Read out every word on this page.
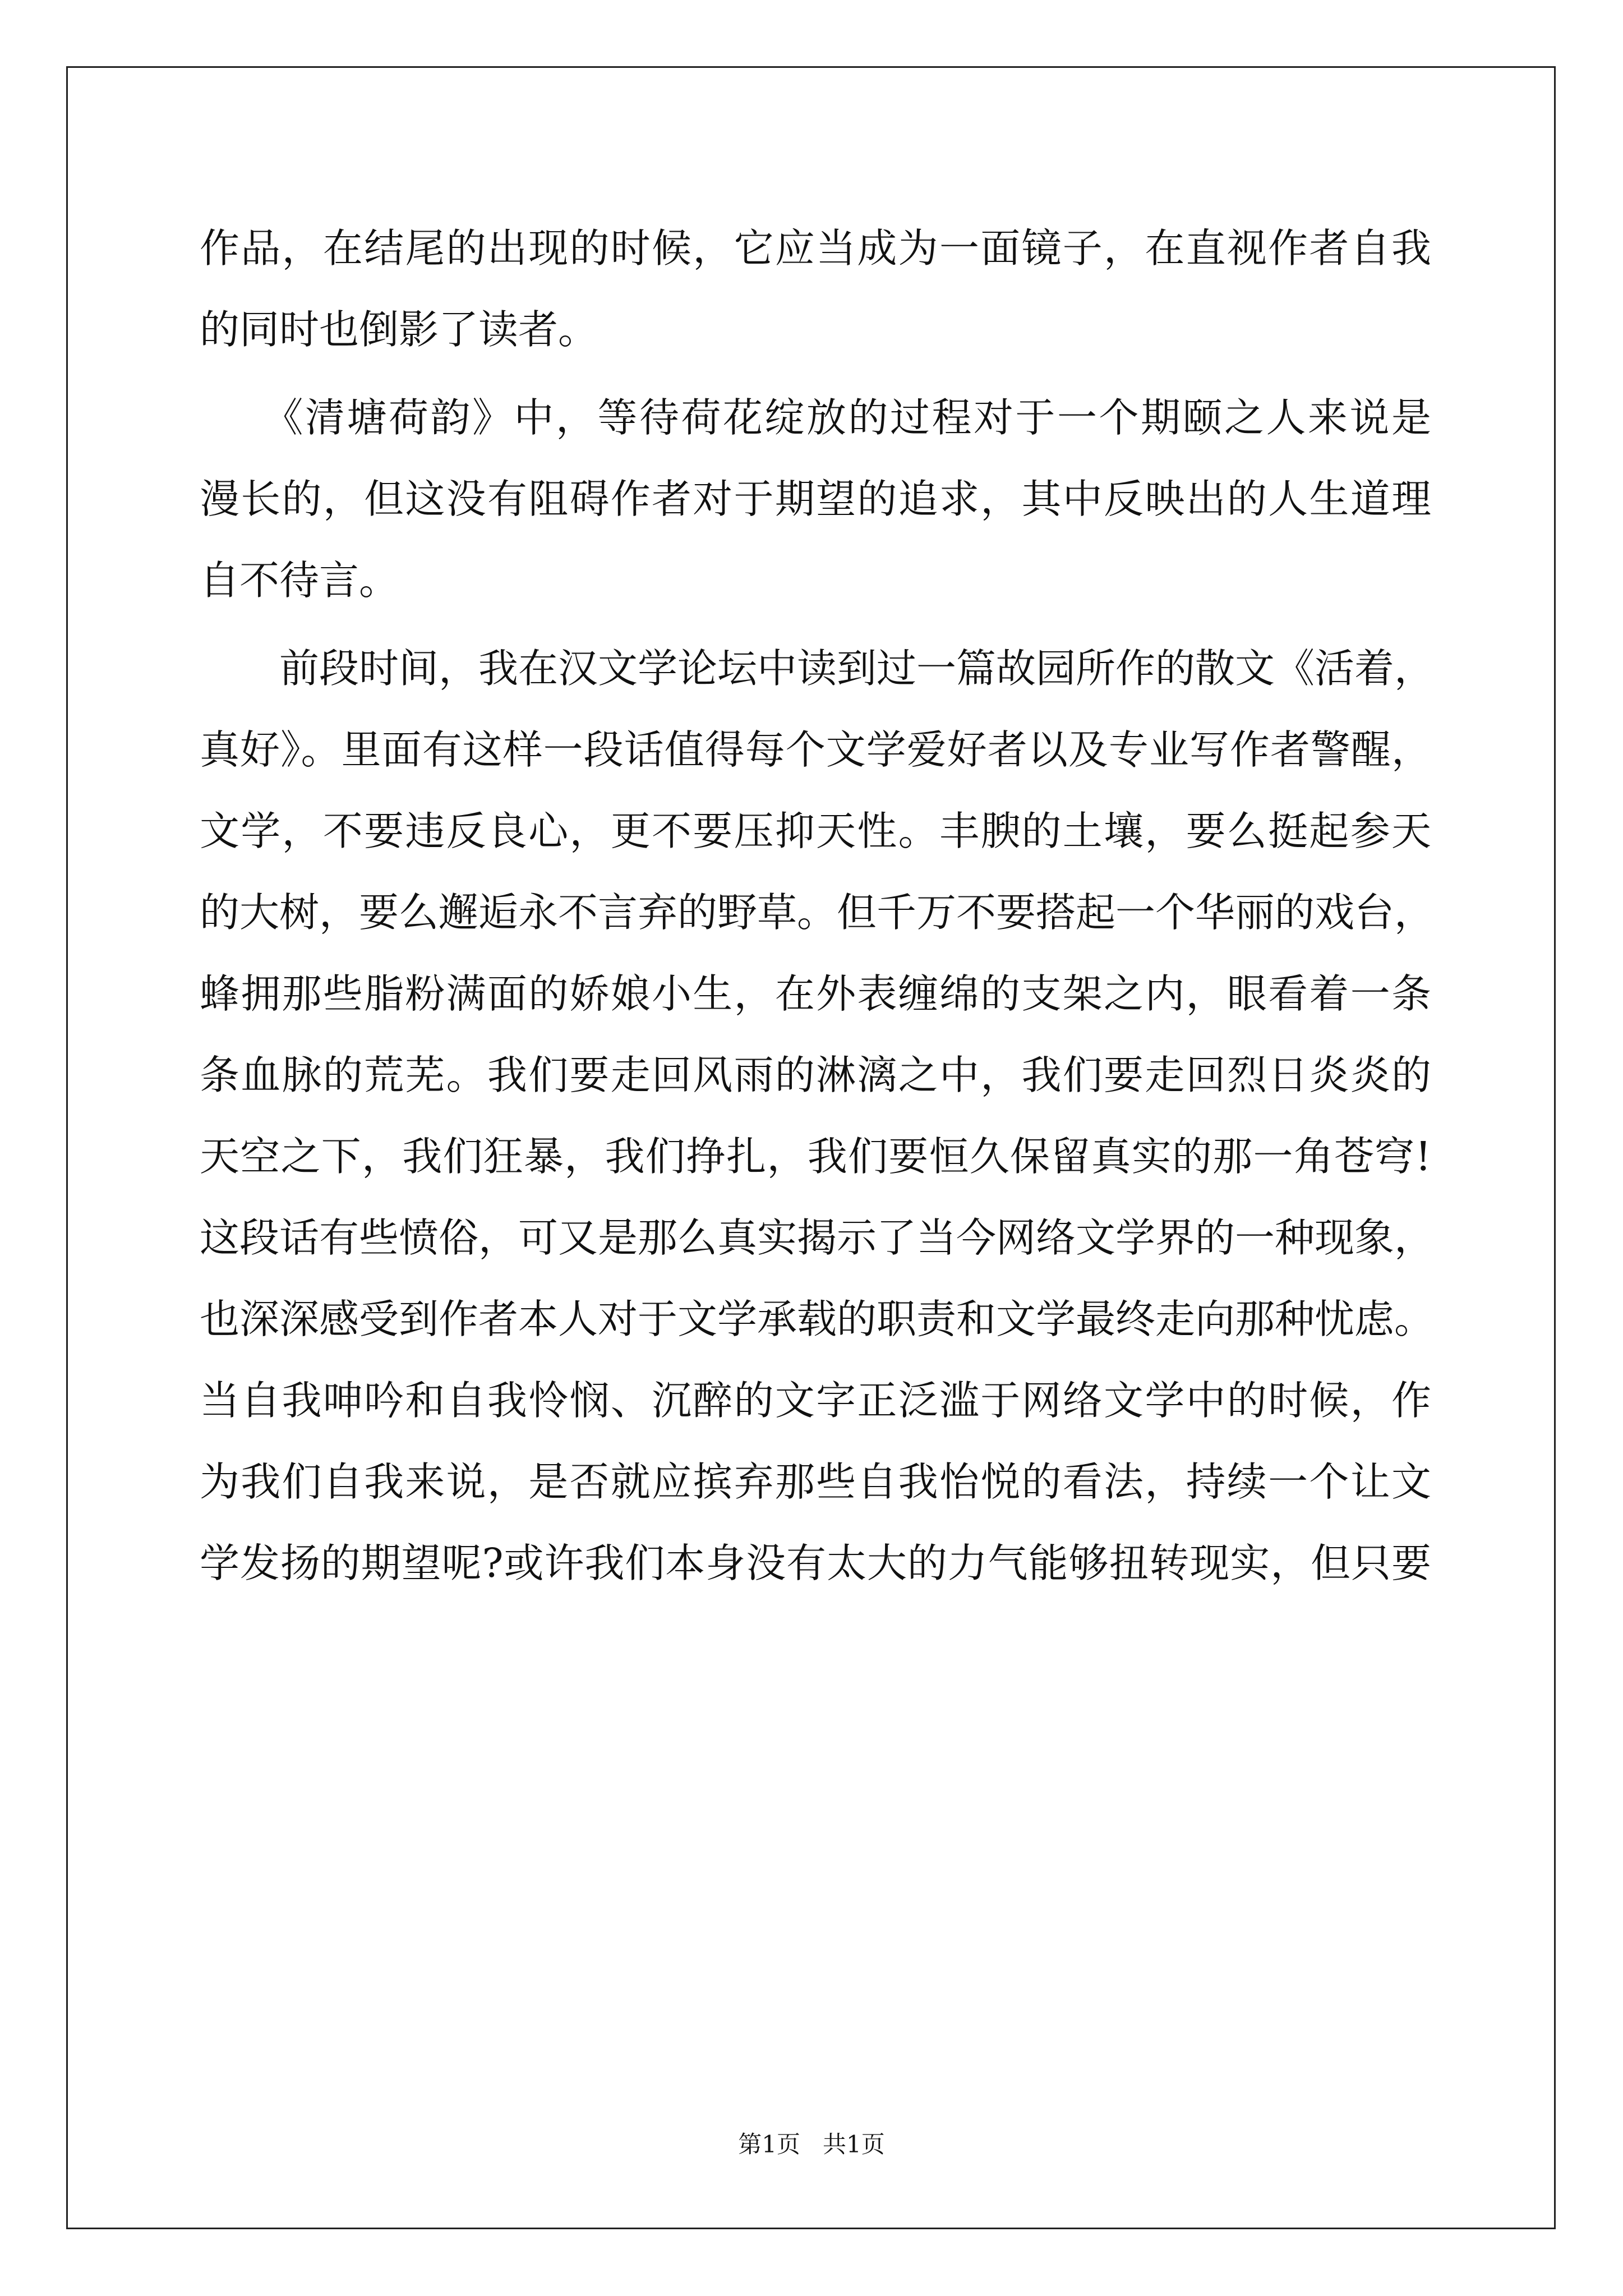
作品，在结尾的出现的时候，它应当成为一面镜子，在直视作者自我
的同时也倒影了读者。
　　《清塘荷韵》中，等待荷花绽放的过程对于一个期颐之人来说是
漫长的，但这没有阻碍作者对于期望的追求，其中反映出的人生道理
自不待言。
　　前段时间，我在汉文学论坛中读到过一篇故园所作的散文《活着，
真好》。里面有这样一段话值得每个文学爱好者以及专业写作者警醒，
文学，不要违反良心，更不要压抑天性。丰腴的土壤，要么挺起参天
的大树，要么邂逅永不言弃的野草。但千万不要搭起一个华丽的戏台，
蜂拥那些脂粉满面的娇娘小生，在外表缠绵的支架之内，眼看着一条
条血脉的荒芜。我们要走回风雨的淋漓之中，我们要走回烈日炎炎的
天空之下，我们狂暴，我们挣扎，我们要恒久保留真实的那一角苍穹!
这段话有些愤俗，可又是那么真实揭示了当今网络文学界的一种现象，
也深深感受到作者本人对于文学承载的职责和文学最终走向那种忧虑。
当自我呻吟和自我怜悯、沉醉的文字正泛滥于网络文学中的时候，作
为我们自我来说，是否就应摈弃那些自我怡悦的看法，持续一个让文
学发扬的期望呢?或许我们本身没有太大的力气能够扭转现实，但只要
第1页 共1页
